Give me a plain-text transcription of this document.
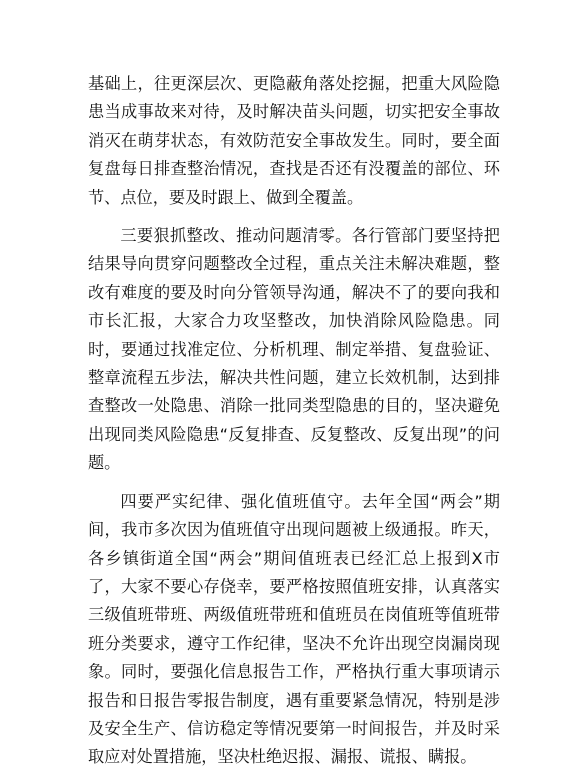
基础上，往更深层次、更隐蔽角落处挖掘，把重大风险隐患当成事故来对待，及时解决苗头问题，切实把安全事故消灭在萌芽状态，有效防范安全事故发生。同时，要全面复盘每日排查整治情况，查找是否还有没覆盖的部位、环节、点位，要及时跟上、做到全覆盖。

三要狠抓整改、推动问题清零。各行管部门要坚持把结果导向贯穿问题整改全过程，重点关注未解决难题，整改有难度的要及时向分管领导沟通，解决不了的要向我和市长汇报，大家合力攻坚整改，加快消除风险隐患。同时，要通过找准定位、分析机理、制定举措、复盘验证、整章流程五步法，解决共性问题，建立长效机制，达到排查整改一处隐患、消除一批同类型隐患的目的，坚决避免出现同类风险隐患“反复排查、反复整改、反复出现”的问题。

四要严实纪律、强化值班值守。去年全国“两会”期间，我市多次因为值班值守出现问题被上级通报。昨天，各乡镇街道全国“两会”期间值班表已经汇总上报到X市了，大家不要心存侥幸，要严格按照值班安排，认真落实三级值班带班、两级值班带班和值班员在岗值班等值班带班分类要求，遵守工作纪律，坚决不允许出现空岗漏岗现象。同时，要强化信息报告工作，严格执行重大事项请示报告和日报告零报告制度，遇有重要紧急情况，特别是涉及安全生产、信访稳定等情况要第一时间报告，并及时采取应对处置措施，坚决杜绝迟报、漏报、谎报、瞒报。
